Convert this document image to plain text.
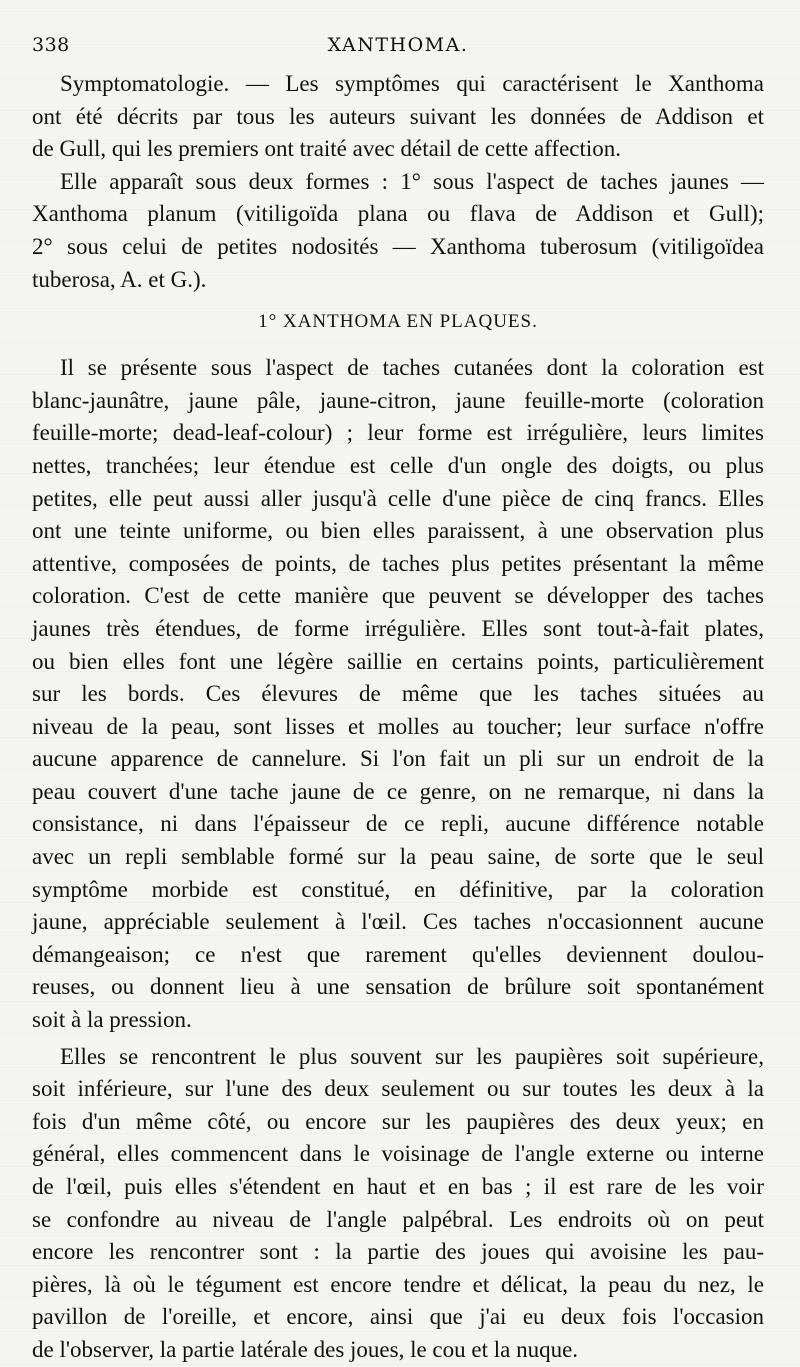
338	XANTHOMA.
Symptomatologie. — Les symptômes qui caractérisent le Xanthoma
ont été décrits par tous les auteurs suivant les données de Addison et
de Gull, qui les premiers ont traité avec détail de cette affection.
Elle apparaît sous deux formes : 1° sous l'aspect de taches jaunes —
Xanthoma planum (vitiligoïda plana ou flava de Addison et Gull);
2° sous celui de petites nodosités — Xanthoma tuberosum (vitiligoïdea
tuberosa, A. et G.).
1° XANTHOMA EN PLAQUES.
Il se présente sous l'aspect de taches cutanées dont la coloration est
blanc-jaunâtre, jaune pâle, jaune-citron, jaune feuille-morte (coloration
feuille-morte; dead-leaf-colour) ; leur forme est irrégulière, leurs limites
nettes, tranchées; leur étendue est celle d'un ongle des doigts, ou plus
petites, elle peut aussi aller jusqu'à celle d'une pièce de cinq francs. Elles
ont une teinte uniforme, ou bien elles paraissent, à une observation plus
attentive, composées de points, de taches plus petites présentant la même
coloration. C'est de cette manière que peuvent se développer des taches
jaunes très étendues, de forme irrégulière. Elles sont tout-à-fait plates,
ou bien elles font une légère saillie en certains points, particulièrement
sur les bords. Ces élevures de même que les taches situées au
niveau de la peau, sont lisses et molles au toucher; leur surface n'offre
aucune apparence de cannelure. Si l'on fait un pli sur un endroit de la
peau couvert d'une tache jaune de ce genre, on ne remarque, ni dans la
consistance, ni dans l'épaisseur de ce repli, aucune différence notable
avec un repli semblable formé sur la peau saine, de sorte que le seul
symptôme morbide est constitué, en définitive, par la coloration
jaune, appréciable seulement à l'œil. Ces taches n'occasionnent aucune
démangeaison; ce n'est que rarement qu'elles deviennent doulou-
reuses, ou donnent lieu à une sensation de brûlure soit spontanément
soit à la pression.
Elles se rencontrent le plus souvent sur les paupières soit supérieure,
soit inférieure, sur l'une des deux seulement ou sur toutes les deux à la
fois d'un même côté, ou encore sur les paupières des deux yeux; en
général, elles commencent dans le voisinage de l'angle externe ou interne
de l'œil, puis elles s'étendent en haut et en bas ; il est rare de les voir
se confondre au niveau de l'angle palpébral. Les endroits où on peut
encore les rencontrer sont : la partie des joues qui avoisine les pau-
pières, là où le tégument est encore tendre et délicat, la peau du nez, le
pavillon de l'oreille, et encore, ainsi que j'ai eu deux fois l'occasion
de l'observer, la partie latérale des joues, le cou et la nuque.
